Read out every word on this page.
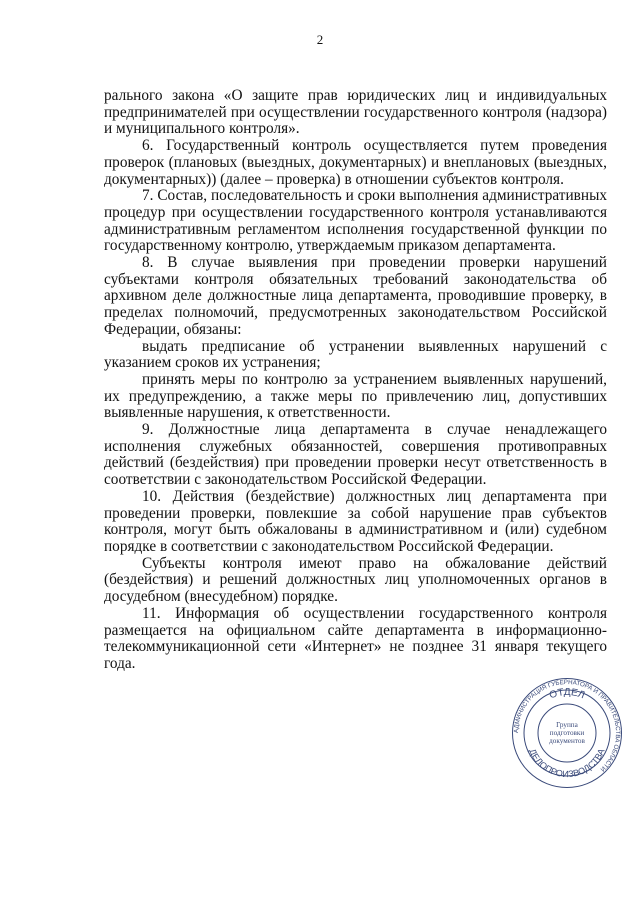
2

рального закона «О защите прав юридических лиц и индивидуальных предпринимателей при осуществлении государственного контроля (надзора) и муниципального контроля».

6. Государственный контроль осуществляется путем проведения проверок (плановых (выездных, документарных) и внеплановых (выездных, документарных)) (далее – проверка) в отношении субъектов контроля.

7. Состав, последовательность и сроки выполнения административных процедур при осуществлении государственного контроля устанавливаются административным регламентом исполнения государственной функции по государственному контролю, утверждаемым приказом департамента.

8. В случае выявления при проведении проверки нарушений субъектами контроля обязательных требований законодательства об архивном деле должностные лица департамента, проводившие проверку, в пределах полномочий, предусмотренных законодательством Российской Федерации, обязаны:

выдать предписание об устранении выявленных нарушений с указанием сроков их устранения;

принять меры по контролю за устранением выявленных нарушений, их предупреждению, а также меры по привлечению лиц, допустивших выявленные нарушения, к ответственности.

9. Должностные лица департамента в случае ненадлежащего исполнения служебных обязанностей, совершения противоправных действий (бездействия) при проведении проверки несут ответственность в соответствии с законодательством Российской Федерации.

10. Действия (бездействие) должностных лиц департамента при проведении проверки, повлекшие за собой нарушение прав субъектов контроля, могут быть обжалованы в административном и (или) судебном порядке в соответствии с законодательством Российской Федерации.

Субъекты контроля имеют право на обжалование действий (бездействия) и решений должностных лиц уполномоченных органов в досудебном (внесудебном) порядке.

11. Информация об осуществлении государственного контроля размещается на официальном сайте департамента в информационно-телекоммуникационной сети «Интернет» не позднее 31 января текущего года.

АДМИНИСТРАЦИЯ ГУБЕРНАТОРА И ПРАВИТЕЛЬСТВА ОБЛАСТИ
ОТДЕЛ
ДЕЛОПРОИЗВОДСТВА
Группа
подготовки
документов
